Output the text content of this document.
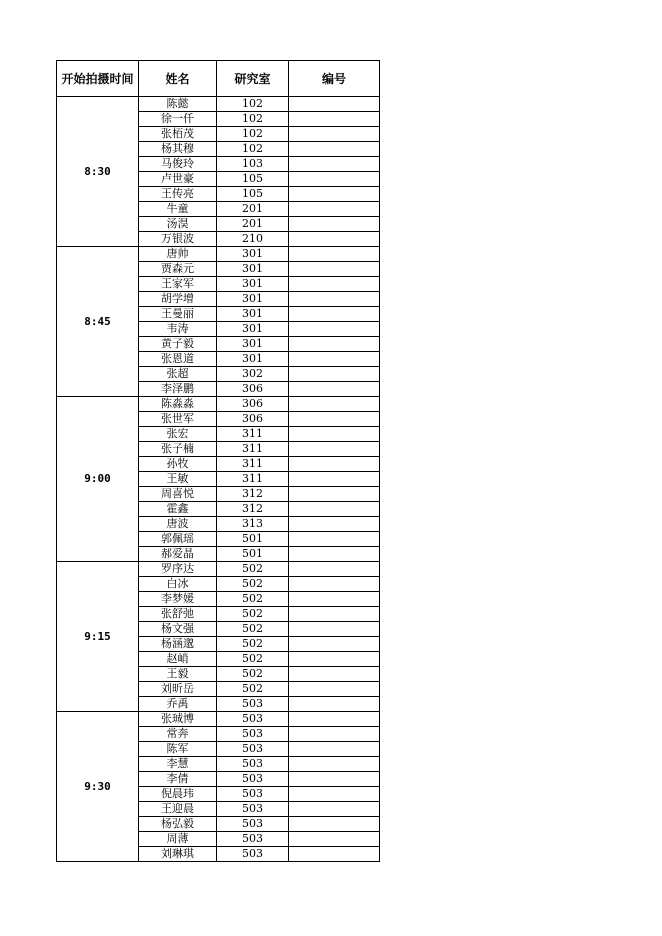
开始拍摄时间	姓名	研究室	编号
8:30	陈懿	102	
	徐一仟	102	
	张栢茂	102	
	杨其穆	102	
	马俊玲	103	
	卢世豪	105	
	王传亮	105	
	牛童	201	
	汤淏	201	
	万银波	210	
8:45	唐帅	301	
	贾森元	301	
	王家军	301	
	胡学增	301	
	王曼丽	301	
	韦涛	301	
	黄子毅	301	
	张恩道	301	
	张超	302	
	李泽鹏	306	
9:00	陈淼淼	306	
	张世军	306	
	张宏	311	
	张子楠	311	
	孙牧	311	
	王敏	311	
	周喜悦	312	
	霍鑫	312	
	唐波	313	
	郭佩瑶	501	
	郝爱晶	501	
9:15	罗序达	502	
	白冰	502	
	李梦媛	502	
	张舒弛	502	
	杨文强	502	
	杨涵邈	502	
	赵峭	502	
	王毅	502	
	刘昕岳	502	
	乔禹	503	
9:30	张珹博	503	
	常奔	503	
	陈军	503	
	李慧	503	
	李倩	503	
	倪晨玮	503	
	王迎晨	503	
	杨弘毅	503	
	周薄	503	
	刘琳琪	503	
